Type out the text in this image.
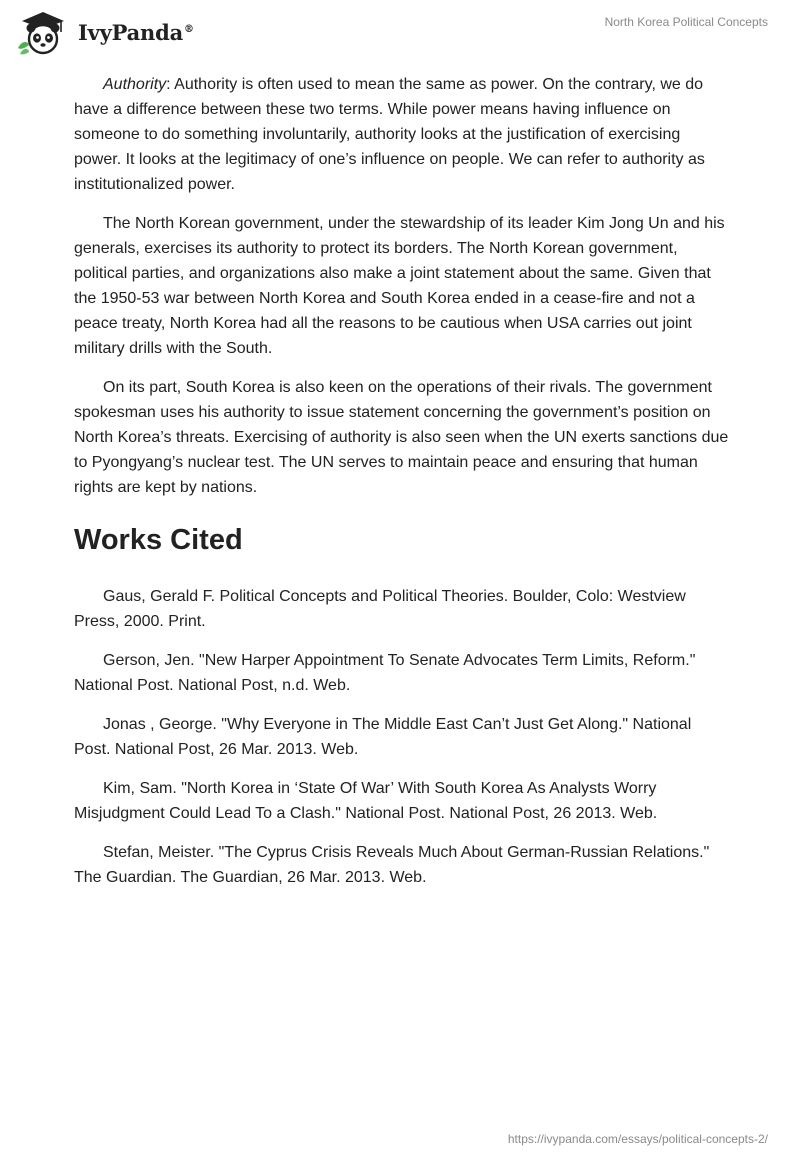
IvyPanda®	North Korea Political Concepts

Authority: Authority is often used to mean the same as power. On the contrary, we do have a difference between these two terms. While power means having influence on someone to do something involuntarily, authority looks at the justification of exercising power. It looks at the legitimacy of one’s influence on people. We can refer to authority as institutionalized power.

The North Korean government, under the stewardship of its leader Kim Jong Un and his generals, exercises its authority to protect its borders. The North Korean government, political parties, and organizations also make a joint statement about the same. Given that the 1950-53 war between North Korea and South Korea ended in a cease-fire and not a peace treaty, North Korea had all the reasons to be cautious when USA carries out joint military drills with the South.

On its part, South Korea is also keen on the operations of their rivals. The government spokesman uses his authority to issue statement concerning the government’s position on North Korea’s threats. Exercising of authority is also seen when the UN exerts sanctions due to Pyongyang’s nuclear test. The UN serves to maintain peace and ensuring that human rights are kept by nations.

Works Cited

Gaus, Gerald F. Political Concepts and Political Theories. Boulder, Colo: Westview Press, 2000. Print.

Gerson, Jen. "New Harper Appointment To Senate Advocates Term Limits, Reform." National Post. National Post, n.d. Web.

Jonas , George. "Why Everyone in The Middle East Can’t Just Get Along." National Post. National Post, 26 Mar. 2013. Web.

Kim, Sam. "North Korea in ‘State Of War’ With South Korea As Analysts Worry Misjudgment Could Lead To a Clash." National Post. National Post, 26 2013. Web.

Stefan, Meister. "The Cyprus Crisis Reveals Much About German-Russian Relations." The Guardian. The Guardian, 26 Mar. 2013. Web.

https://ivypanda.com/essays/political-concepts-2/
